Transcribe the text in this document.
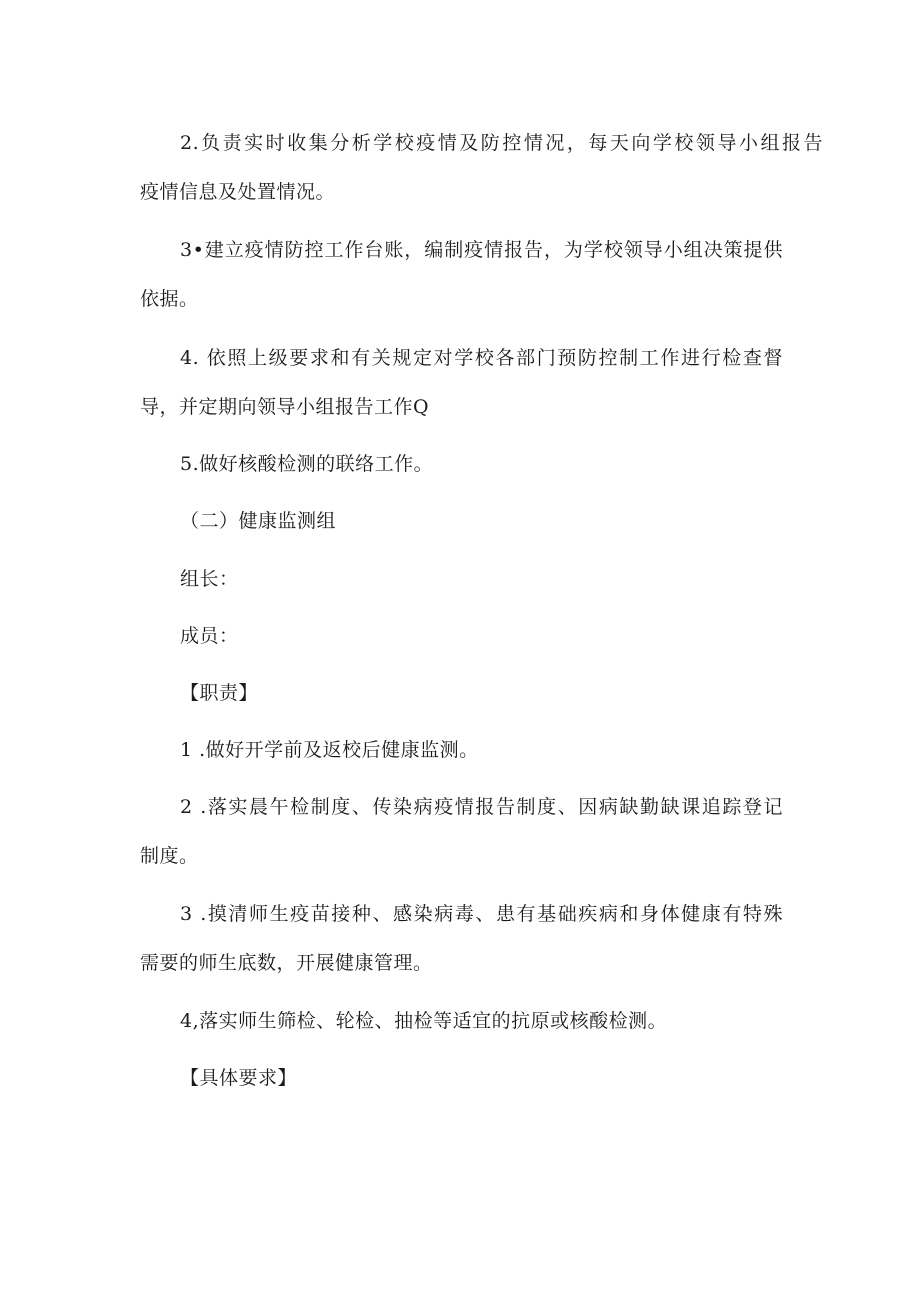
2.负责实时收集分析学校疫情及防控情况，每天向学校领导小组报告
疫情信息及处置情况。
3•建立疫情防控工作台账，编制疫情报告，为学校领导小组决策提供
依据。
4. 依照上级要求和有关规定对学校各部门预防控制工作进行检查督
导，并定期向领导小组报告工作Q
5.做好核酸检测的联络工作。
（二）健康监测组
组长：
成员：
【职责】
1 .做好开学前及返校后健康监测。
2 .落实晨午检制度、传染病疫情报告制度、因病缺勤缺课追踪登记
制度。
3 .摸清师生疫苗接种、感染病毒、患有基础疾病和身体健康有特殊
需要的师生底数，开展健康管理。
4,落实师生筛检、轮检、抽检等适宜的抗原或核酸检测。
【具体要求】
